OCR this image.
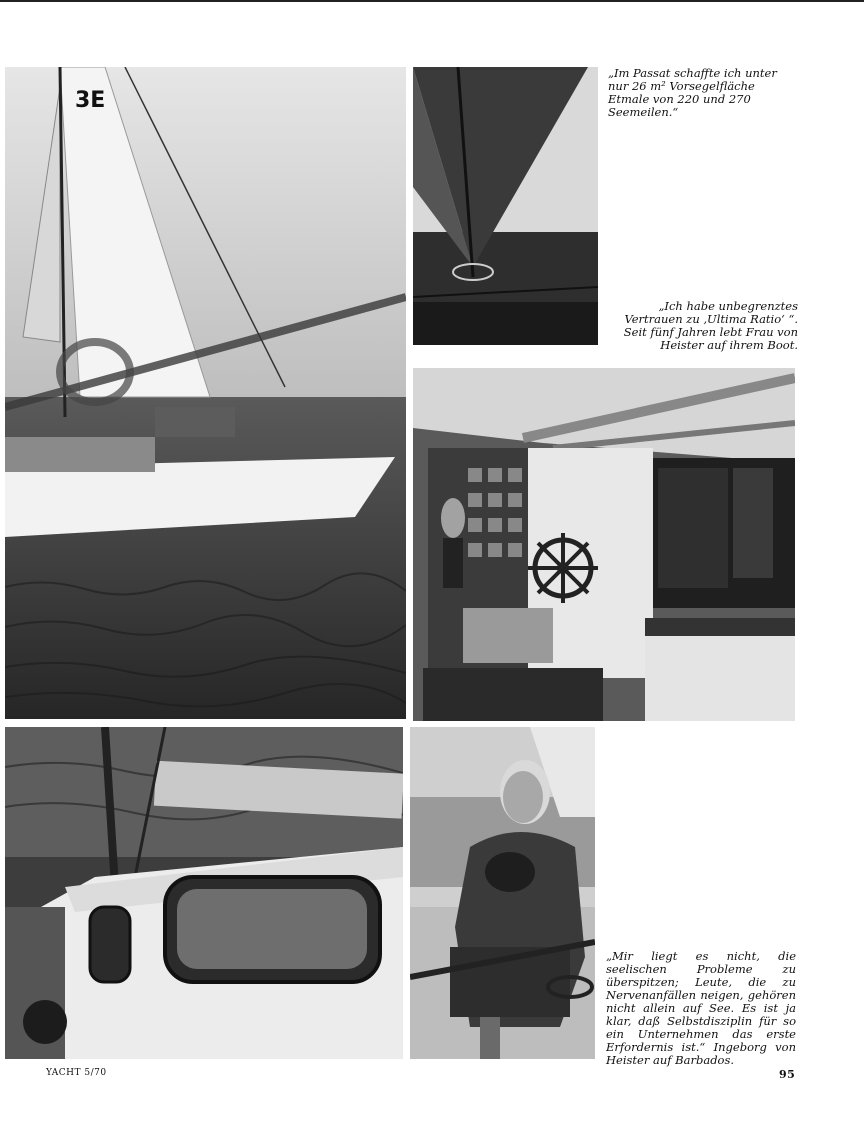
3E

„Im Passat schaffte ich unter nur 26 m² Vorsegelfläche Etmale von 220 und 270 Seemeilen.“

„Ich habe unbegrenztes Vertrauen zu ‚Ultima Ratio‘ “. Seit fünf Jahren lebt Frau von Heister auf ihrem Boot.

„Mir liegt es nicht, die seelischen Probleme zu überspitzen; Leute, die zu Nervenanfällen neigen, gehören nicht allein auf See. Es ist ja klar, daß Selbstdisziplin für so ein Unternehmen das erste Erfordernis ist.“ Ingeborg von Heister auf Barbados.

YACHT 5/70	95
